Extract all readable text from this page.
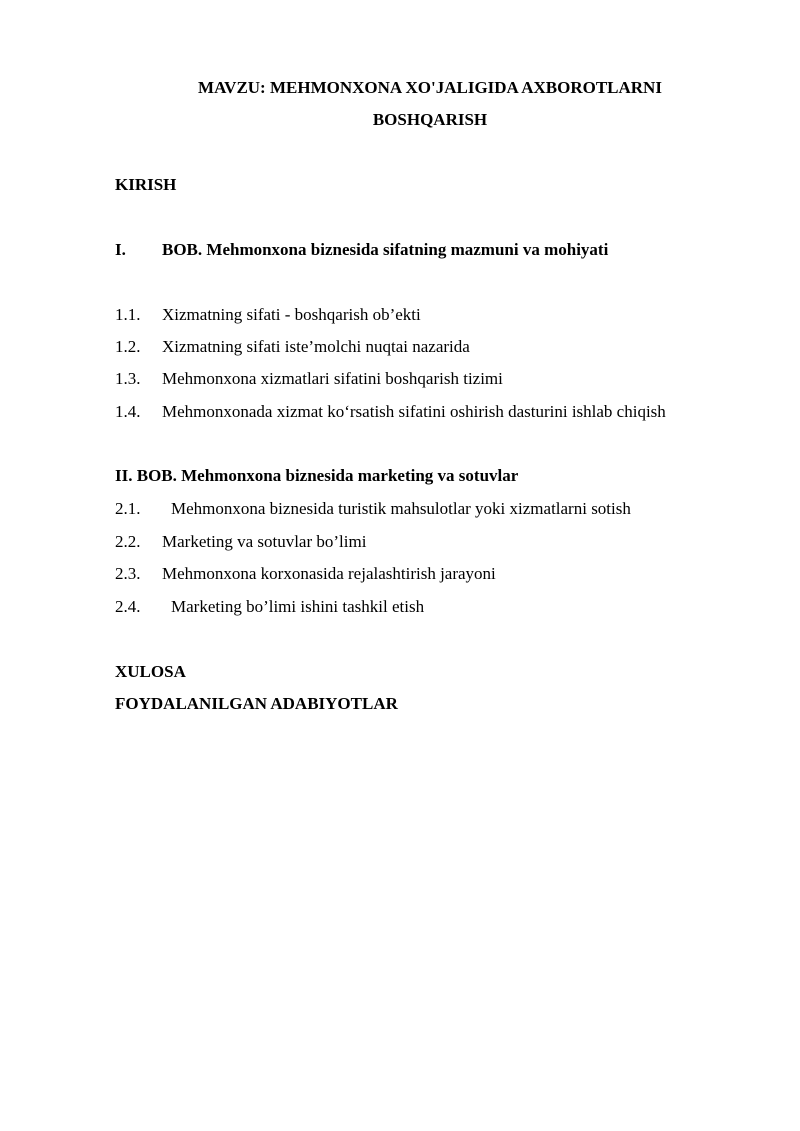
MAVZU: MEHMONXONA XO'JALIGIDA AXBOROTLARNI
BOSHQARISH
KIRISH
I. BOB. Mehmonxona biznesida sifatning mazmuni va mohiyati
1.1. Xizmatning sifati - boshqarish ob’ekti
1.2. Xizmatning sifati iste’molchi nuqtai nazarida
1.3. Mehmonxona xizmatlari sifatini boshqarish tizimi
1.4. Mehmonxonada xizmat ko‘rsatish sifatini oshirish dasturini ishlab chiqish
II. BOB. Mehmonxona biznesida marketing va sotuvlar
2.1. Mehmonxona biznesida turistik mahsulotlar yoki xizmatlarni sotish
2.2. Marketing va sotuvlar bo’limi
2.3. Mehmonxona korxonasida rejalashtirish jarayoni
2.4. Marketing bo’limi ishini tashkil etish
XULOSA
FOYDALANILGAN ADABIYOTLAR
